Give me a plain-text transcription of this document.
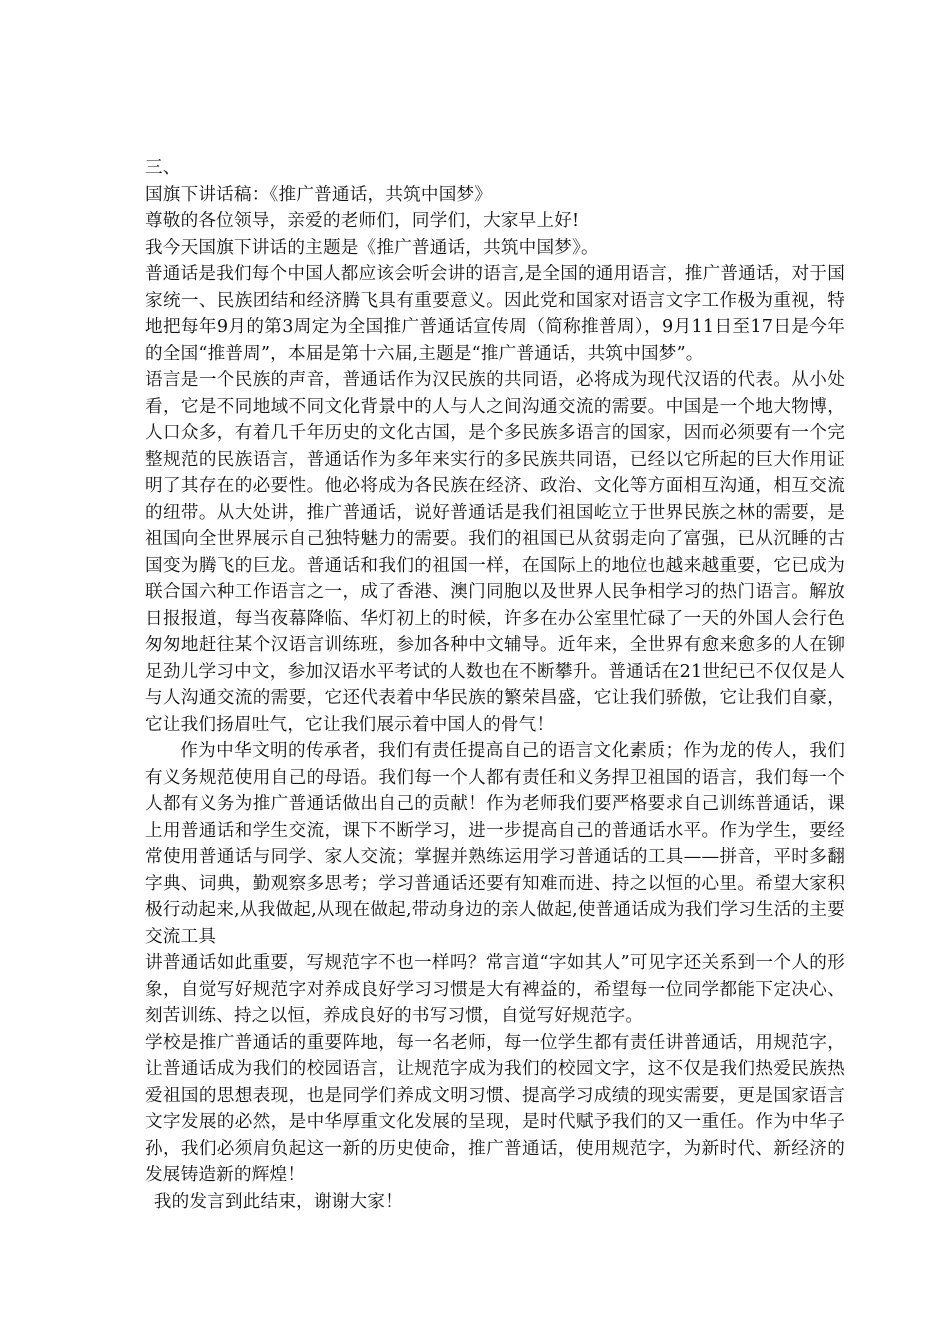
三、

国旗下讲话稿：《推广普通话，共筑中国梦》

尊敬的各位领导，亲爱的老师们，同学们，大家早上好!

我今天国旗下讲话的主题是《推广普通话，共筑中国梦》。

普通话是我们每个中国人都应该会听会讲的语言,是全国的通用语言，推广普通话，对于国家统一、民族团结和经济腾飞具有重要意义。因此党和国家对语言文字工作极为重视，特地把每年9月的第3周定为全国推广普通话宣传周（简称推普周），9月11日至17日是今年的全国“推普周”，本届是第十六届,主题是“推广普通话，共筑中国梦”。

语言是一个民族的声音，普通话作为汉民族的共同语，必将成为现代汉语的代表。从小处看，它是不同地域不同文化背景中的人与人之间沟通交流的需要。中国是一个地大物博，人口众多，有着几千年历史的文化古国，是个多民族多语言的国家，因而必须要有一个完整规范的民族语言，普通话作为多年来实行的多民族共同语，已经以它所起的巨大作用证明了其存在的必要性。他必将成为各民族在经济、政治、文化等方面相互沟通，相互交流的纽带。从大处讲，推广普通话，说好普通话是我们祖国屹立于世界民族之林的需要，是祖国向全世界展示自己独特魅力的需要。我们的祖国已从贫弱走向了富强，已从沉睡的古国变为腾飞的巨龙。普通话和我们的祖国一样，在国际上的地位也越来越重要，它已成为联合国六种工作语言之一，成了香港、澳门同胞以及世界人民争相学习的热门语言。解放日报报道，每当夜幕降临、华灯初上的时候，许多在办公室里忙碌了一天的外国人会行色匆匆地赶往某个汉语言训练班，参加各种中文辅导。近年来，全世界有愈来愈多的人在铆足劲儿学习中文，参加汉语水平考试的人数也在不断攀升。普通话在21世纪已不仅仅是人与人沟通交流的需要，它还代表着中华民族的繁荣昌盛，它让我们骄傲，它让我们自豪，它让我们扬眉吐气，它让我们展示着中国人的骨气！

作为中华文明的传承者，我们有责任提高自己的语言文化素质；作为龙的传人，我们有义务规范使用自己的母语。我们每一个人都有责任和义务捍卫祖国的语言，我们每一个人都有义务为推广普通话做出自己的贡献！作为老师我们要严格要求自己训练普通话，课上用普通话和学生交流，课下不断学习，进一步提高自己的普通话水平。作为学生，要经常使用普通话与同学、家人交流；掌握并熟练运用学习普通话的工具——拼音，平时多翻字典、词典，勤观察多思考；学习普通话还要有知难而进、持之以恒的心里。希望大家积极行动起来,从我做起,从现在做起,带动身边的亲人做起,使普通话成为我们学习生活的主要交流工具

讲普通话如此重要，写规范字不也一样吗？常言道“字如其人”可见字还关系到一个人的形象，自觉写好规范字对养成良好学习习惯是大有裨益的，希望每一位同学都能下定决心、刻苦训练、持之以恒，养成良好的书写习惯，自觉写好规范字。

学校是推广普通话的重要阵地，每一名老师，每一位学生都有责任讲普通话，用规范字，让普通话成为我们的校园语言，让规范字成为我们的校园文字，这不仅是我们热爱民族热爱祖国的思想表现，也是同学们养成文明习惯、提高学习成绩的现实需要，更是国家语言文字发展的必然，是中华厚重文化发展的呈现，是时代赋予我们的又一重任。作为中华子孙，我们必须肩负起这一新的历史使命，推广普通话，使用规范字，为新时代、新经济的发展铸造新的辉煌！

我的发言到此结束，谢谢大家！
